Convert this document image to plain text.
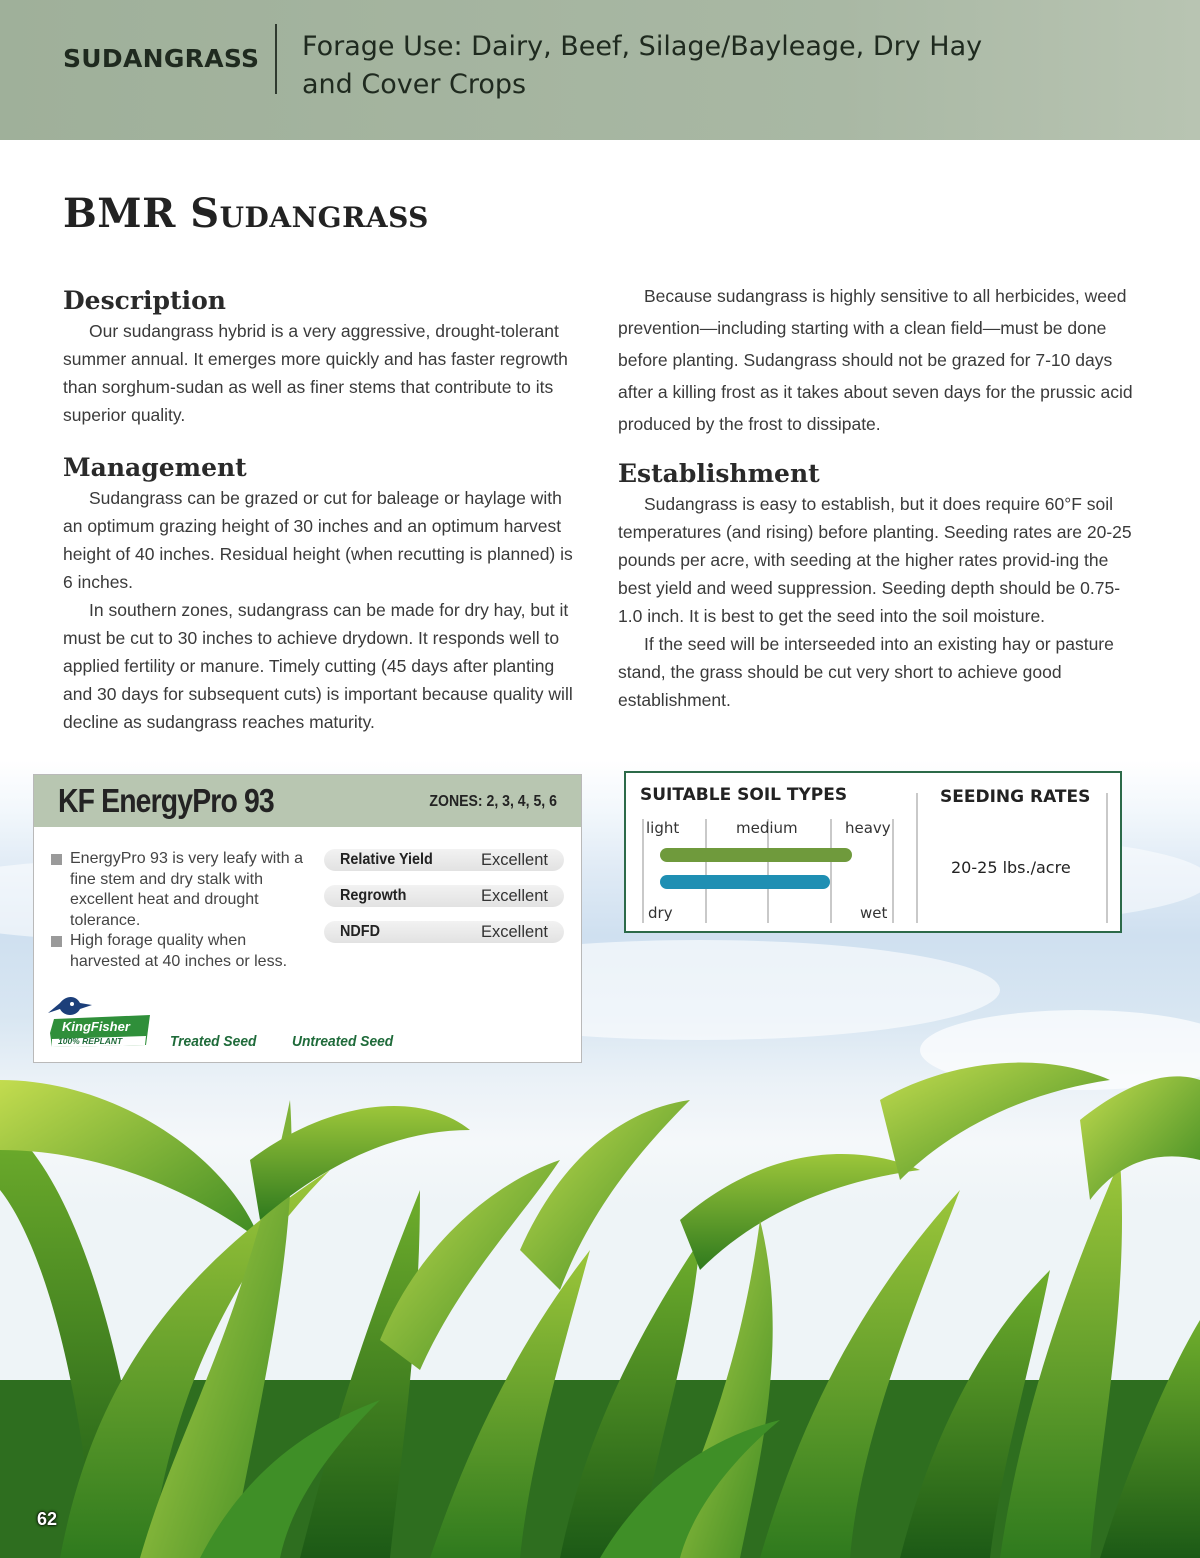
SUDANGRASS Forage Use: Dairy, Beef, Silage/Bayleage, Dry Hay
and Cover Crops
BMR Sudangrass
Description

Our sudangrass hybrid is a very aggressive, drought-tolerant summer annual. It emerges more quickly and has faster regrowth than sorghum-sudan as well as finer stems that contribute to its superior quality.

Management

Sudangrass can be grazed or cut for baleage or haylage with an optimum grazing height of 30 inches and an optimum harvest height of 40 inches. Residual height (when recutting is planned) is 6 inches.

In southern zones, sudangrass can be made for dry hay, but it must be cut to 30 inches to achieve drydown. It responds well to applied fertility or manure. Timely cutting (45 days after planting and 30 days for subsequent cuts) is important because quality will decline as sudangrass reaches maturity.

Because sudangrass is highly sensitive to all herbicides, weed prevention—including starting with a clean field—must be done before planting. Sudangrass should not be grazed for 7-10 days after a killing frost as it takes about seven days for the prussic acid produced by the frost to dissipate.

Establishment

Sudangrass is easy to establish, but it does require 60°F soil temperatures (and rising) before planting. Seeding rates are 20-25 pounds per acre, with seeding at the higher rates provid-ing the best yield and weed suppression. Seeding depth should be 0.75-1.0 inch. It is best to get the seed into the soil moisture.

If the seed will be interseeded into an existing hay or pasture stand, the grass should be cut very short to achieve good establishment.

KF EnergyPro 93	ZONES: 2, 3, 4, 5, 6
EnergyPro 93 is very leafy with a fine stem and dry stalk with excellent heat and drought tolerance.
High forage quality when harvested at 40 inches or less.
Relative Yield	Excellent
Regrowth	Excellent
NDFD	Excellent
KingFisher
100% REPLANT	Treated Seed Untreated Seed
SUITABLE SOIL TYPES	SEEDING RATES
light	medium	heavy
dry	wet
20-25 lbs./acre
62
